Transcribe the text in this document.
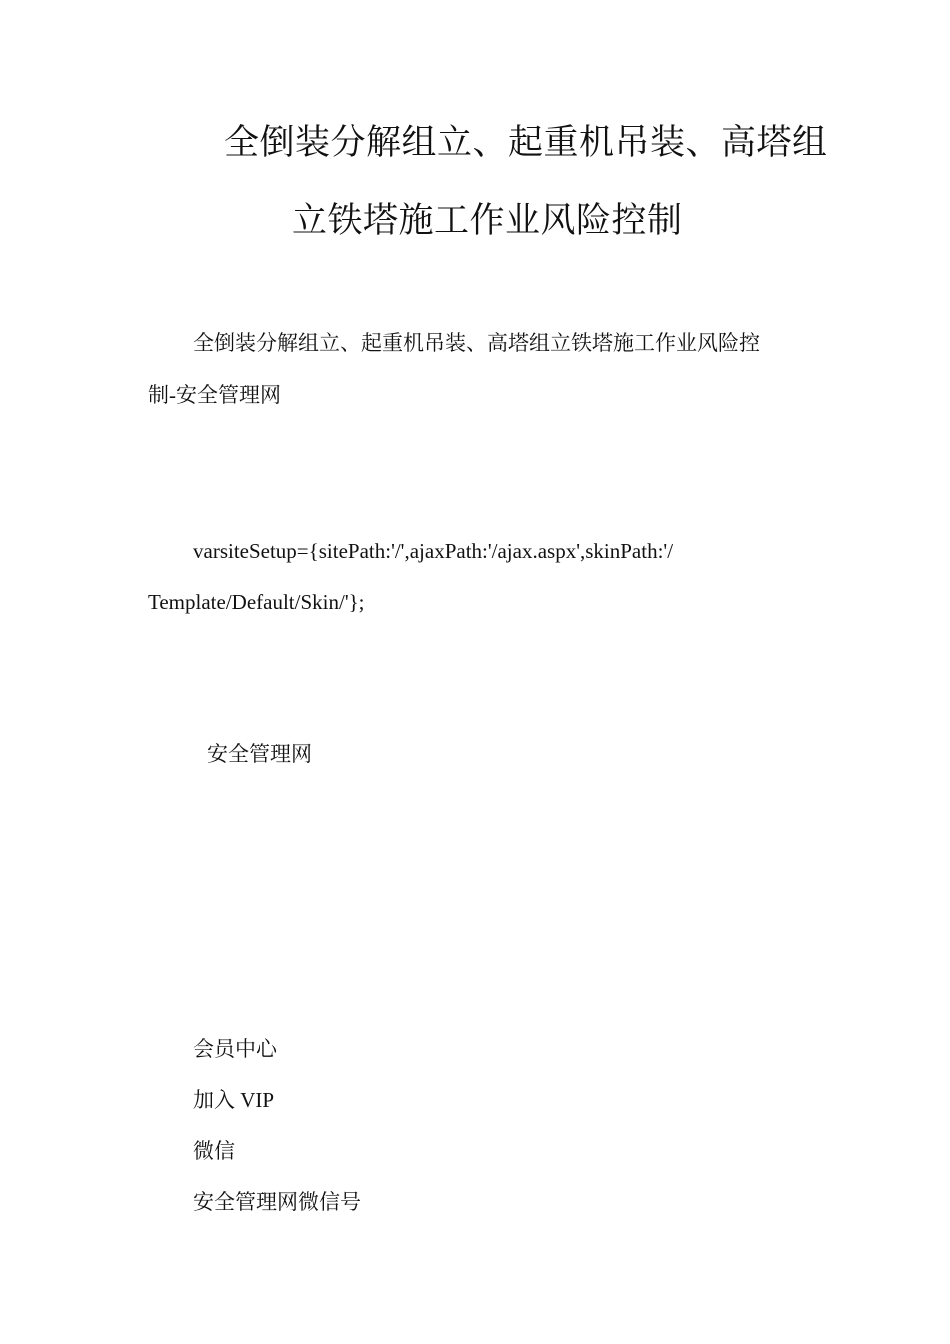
全倒装分解组立、起重机吊装、高塔组
立铁塔施工作业风险控制

全倒装分解组立、起重机吊装、高塔组立铁塔施工作业风险控

制-安全管理网

varsiteSetup={sitePath:'/',ajaxPath:'/ajax.aspx',skinPath:'/

Template/Default/Skin/'};

安全管理网

会员中心
加入 VIP
微信
安全管理网微信号
